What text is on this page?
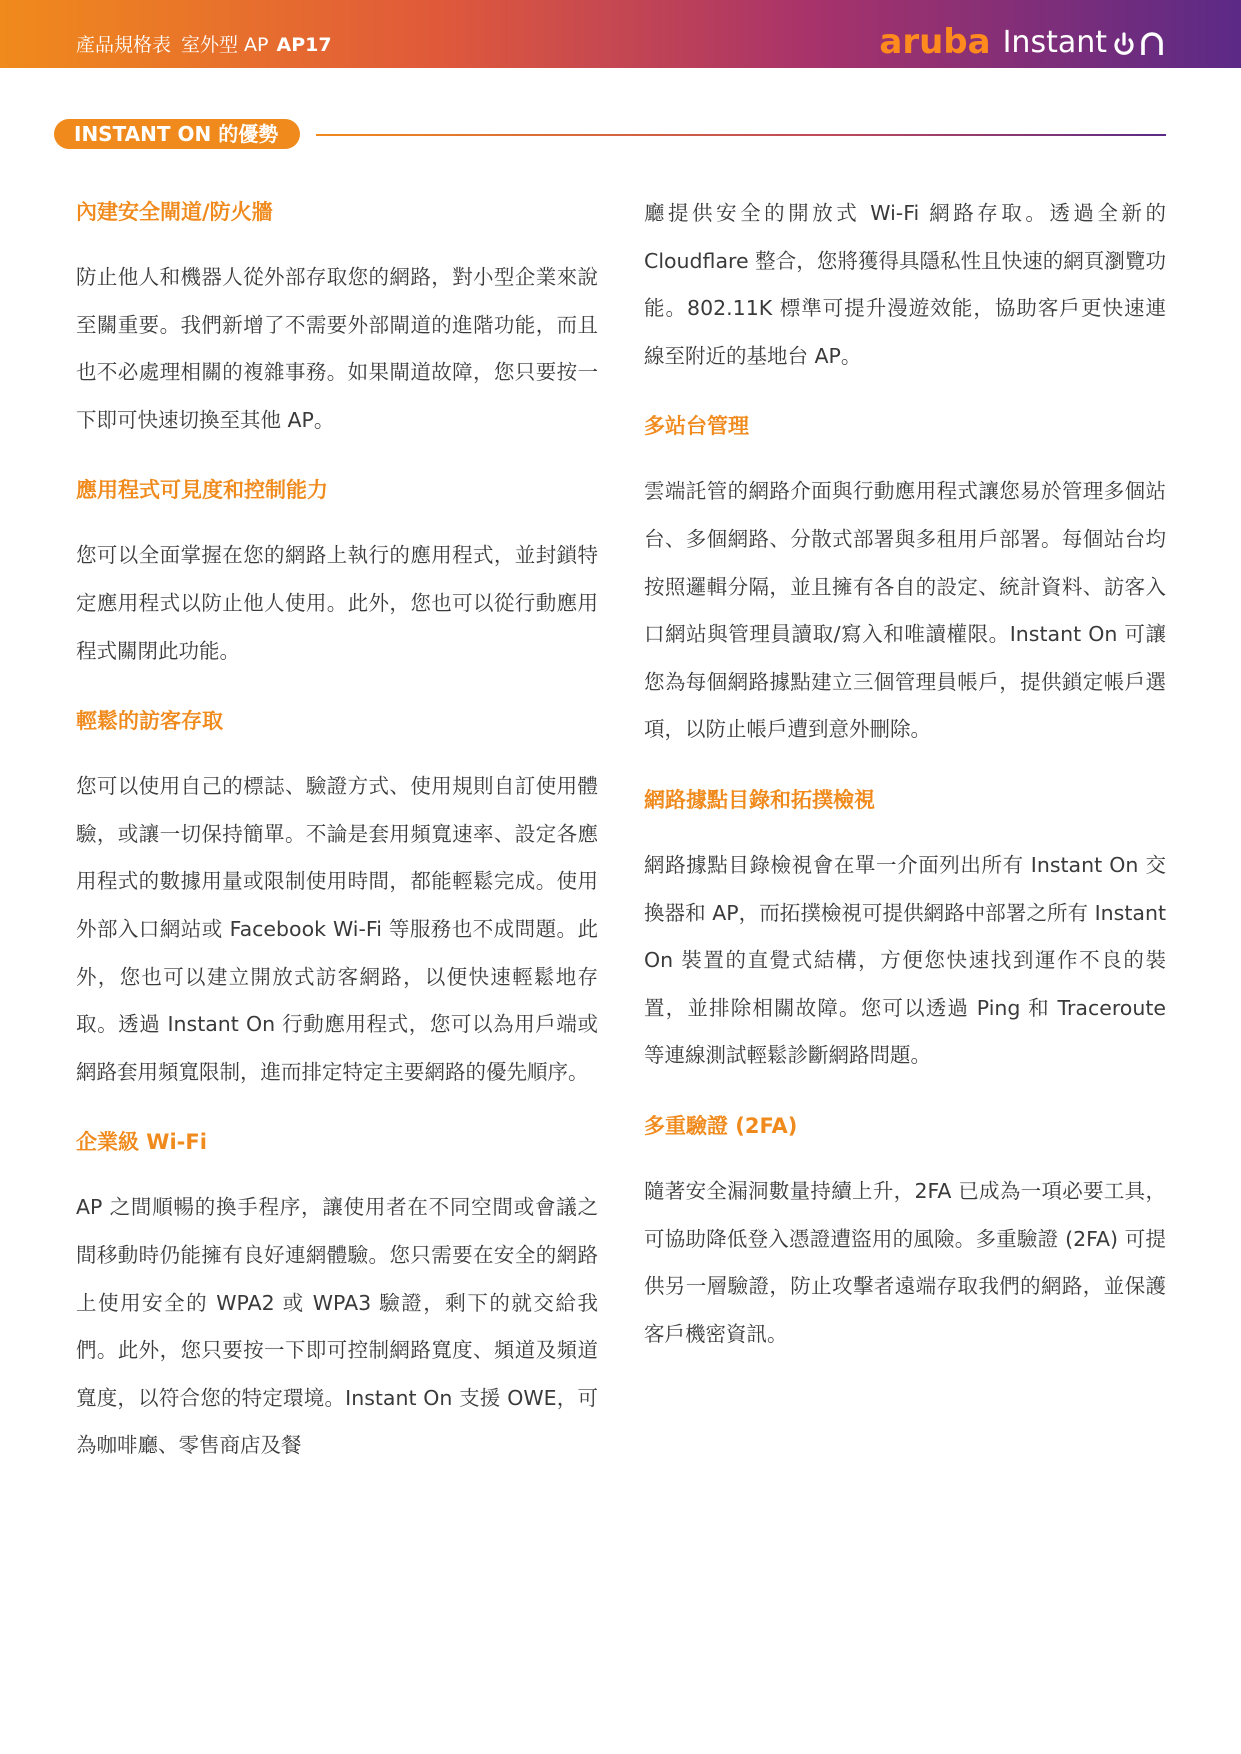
產品規格表 室外型 AP AP17	aruba Instant
INSTANT ON 的優勢
內建安全閘道/防火牆

防止他人和機器人從外部存取您的網路，對小型企業來說至關重要。我們新增了不需要外部閘道的進階功能，而且也不必處理相關的複雜事務。如果閘道故障，您只要按一下即可快速切換至其他 AP。

應用程式可見度和控制能力

您可以全面掌握在您的網路上執行的應用程式，並封鎖特定應用程式以防止他人使用。此外，您也可以從行動應用程式關閉此功能。

輕鬆的訪客存取

您可以使用自己的標誌、驗證方式、使用規則自訂使用體驗，或讓一切保持簡單。不論是套用頻寬速率、設定各應用程式的數據用量或限制使用時間，都能輕鬆完成。使用外部入口網站或 Facebook Wi-Fi 等服務也不成問題。此外，您也可以建立開放式訪客網路，以便快速輕鬆地存取。透過 Instant On 行動應用程式，您可以為用戶端或網路套用頻寬限制，進而排定特定主要網路的優先順序。

企業級 Wi-Fi

AP 之間順暢的換手程序，讓使用者在不同空間或會議之間移動時仍能擁有良好連網體驗。您只需要在安全的網路上使用安全的 WPA2 或 WPA3 驗證，剩下的就交給我們。此外，您只要按一下即可控制網路寬度、頻道及頻道寬度，以符合您的特定環境。Instant On 支援 OWE，可為咖啡廳、零售商店及餐

廳提供安全的開放式 Wi-Fi 網路存取。透過全新的 Cloudflare 整合，您將獲得具隱私性且快速的網頁瀏覽功能。802.11K 標準可提升漫遊效能，協助客戶更快速連線至附近的基地台 AP。

多站台管理

雲端託管的網路介面與行動應用程式讓您易於管理多個站台、多個網路、分散式部署與多租用戶部署。每個站台均按照邏輯分隔，並且擁有各自的設定、統計資料、訪客入口網站與管理員讀取/寫入和唯讀權限。Instant On 可讓您為每個網路據點建立三個管理員帳戶，提供鎖定帳戶選項，以防止帳戶遭到意外刪除。

網路據點目錄和拓撲檢視

網路據點目錄檢視會在單一介面列出所有 Instant On 交換器和 AP，而拓撲檢視可提供網路中部署之所有 Instant On 裝置的直覺式結構，方便您快速找到運作不良的裝置，並排除相關故障。您可以透過 Ping 和 Traceroute 等連線測試輕鬆診斷網路問題。

多重驗證 (2FA)

隨著安全漏洞數量持續上升，2FA 已成為一項必要工具，可協助降低登入憑證遭盜用的風險。多重驗證 (2FA) 可提供另一層驗證，防止攻擊者遠端存取我們的網路，並保護客戶機密資訊。
